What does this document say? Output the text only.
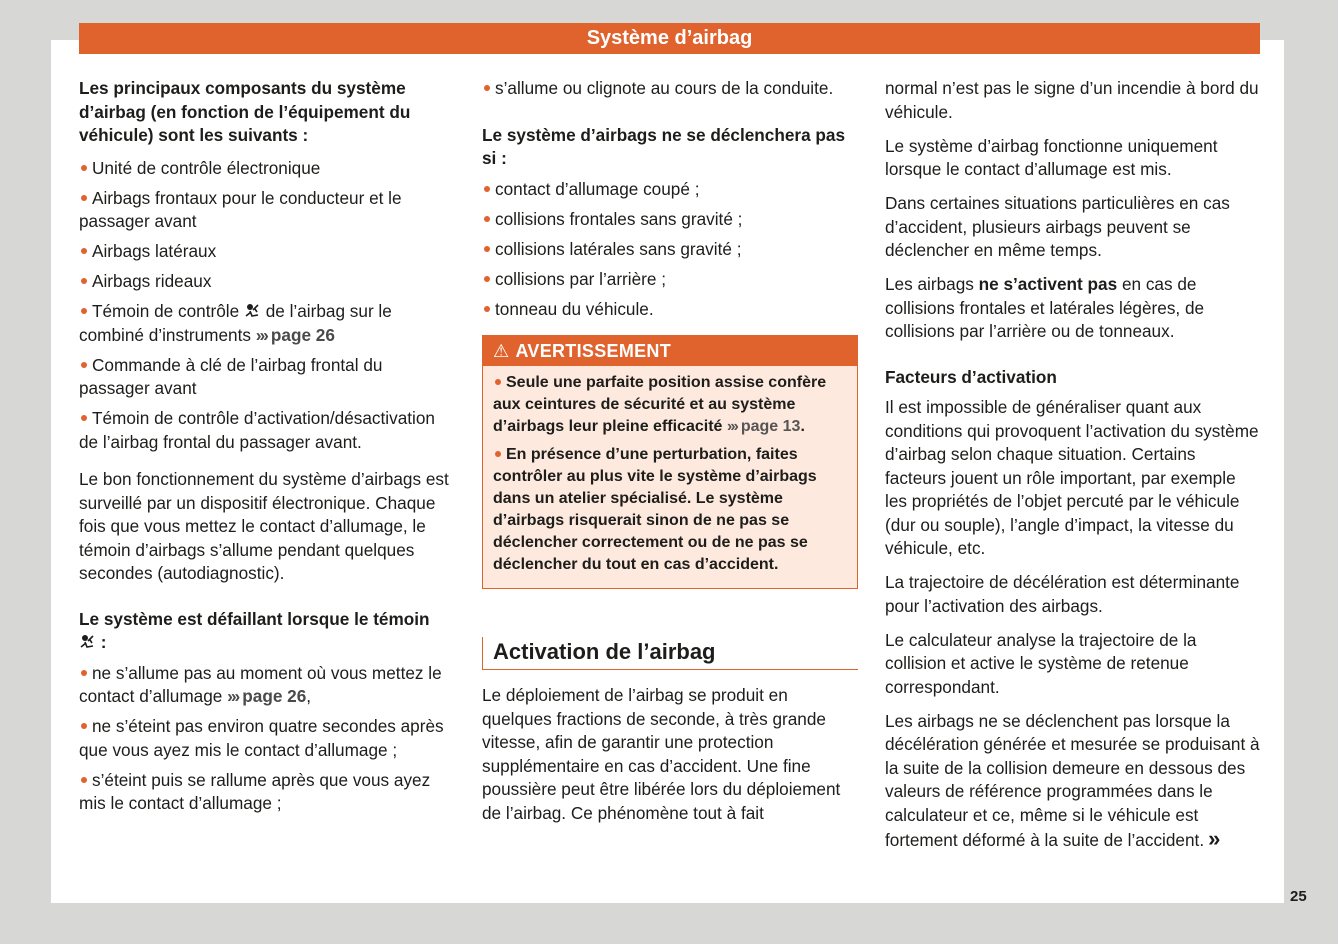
Système d’airbag

Les principaux composants du système d’airbag (en fonction de l’équipement du véhicule) sont les suivants :

Unité de contrôle électronique
Airbags frontaux pour le conducteur et le passager avant
Airbags latéraux
Airbags rideaux
Témoin de contrôle de l’airbag sur le combiné d’instruments ››› page 26
Commande à clé de l’airbag frontal du passager avant
Témoin de contrôle d’activation/désactivation de l’airbag frontal du passager avant.

Le bon fonctionnement du système d’airbags est surveillé par un dispositif électronique. Chaque fois que vous mettez le contact d’allumage, le témoin d’airbags s’allume pendant quelques secondes (autodiagnostic).

Le système est défaillant lorsque le témoin
:

ne s’allume pas au moment où vous mettez le contact d’allumage ››› page 26,
ne s’éteint pas environ quatre secondes après que vous ayez mis le contact d’allumage ;
s’éteint puis se rallume après que vous ayez mis le contact d’allumage ;
s’allume ou clignote au cours de la conduite.

Le système d’airbags ne se déclenchera pas si :

contact d’allumage coupé ;
collisions frontales sans gravité ;
collisions latérales sans gravité ;
collisions par l’arrière ;
tonneau du véhicule.
⚠ AVERTISSEMENT
Seule une parfaite position assise confère aux ceintures de sécurité et au système d’airbags leur pleine efficacité ››› page 13.
En présence d’une perturbation, faites contrôler au plus vite le système d’airbags dans un atelier spécialisé. Le système d’airbags risquerait sinon de ne pas se déclencher correctement ou de ne pas se déclencher du tout en cas d’accident.
Activation de l’airbag

Le déploiement de l’airbag se produit en quelques fractions de seconde, à très grande vitesse, afin de garantir une protection supplémentaire en cas d’accident. Une fine poussière peut être libérée lors du déploiement de l’airbag. Ce phénomène tout à fait

normal n’est pas le signe d’un incendie à bord du véhicule.

Le système d’airbag fonctionne uniquement lorsque le contact d’allumage est mis.

Dans certaines situations particulières en cas d’accident, plusieurs airbags peuvent se déclencher en même temps.

Les airbags ne s’activent pas en cas de collisions frontales et latérales légères, de collisions par l’arrière ou de tonneaux.

Facteurs d’activation

Il est impossible de généraliser quant aux conditions qui provoquent l’activation du système d’airbag selon chaque situation. Certains facteurs jouent un rôle important, par exemple les propriétés de l’objet percuté par le véhicule (dur ou souple), l’angle d’impact, la vitesse du véhicule, etc.

La trajectoire de décélération est déterminante pour l’activation des airbags.

Le calculateur analyse la trajectoire de la collision et active le système de retenue correspondant.

Les airbags ne se déclenchent pas lorsque la décélération générée et mesurée se produisant à la suite de la collision demeure en dessous des valeurs de référence programmées dans le calculateur et ce, même si le véhicule est fortement déformé à la suite de l’accident. »

25
